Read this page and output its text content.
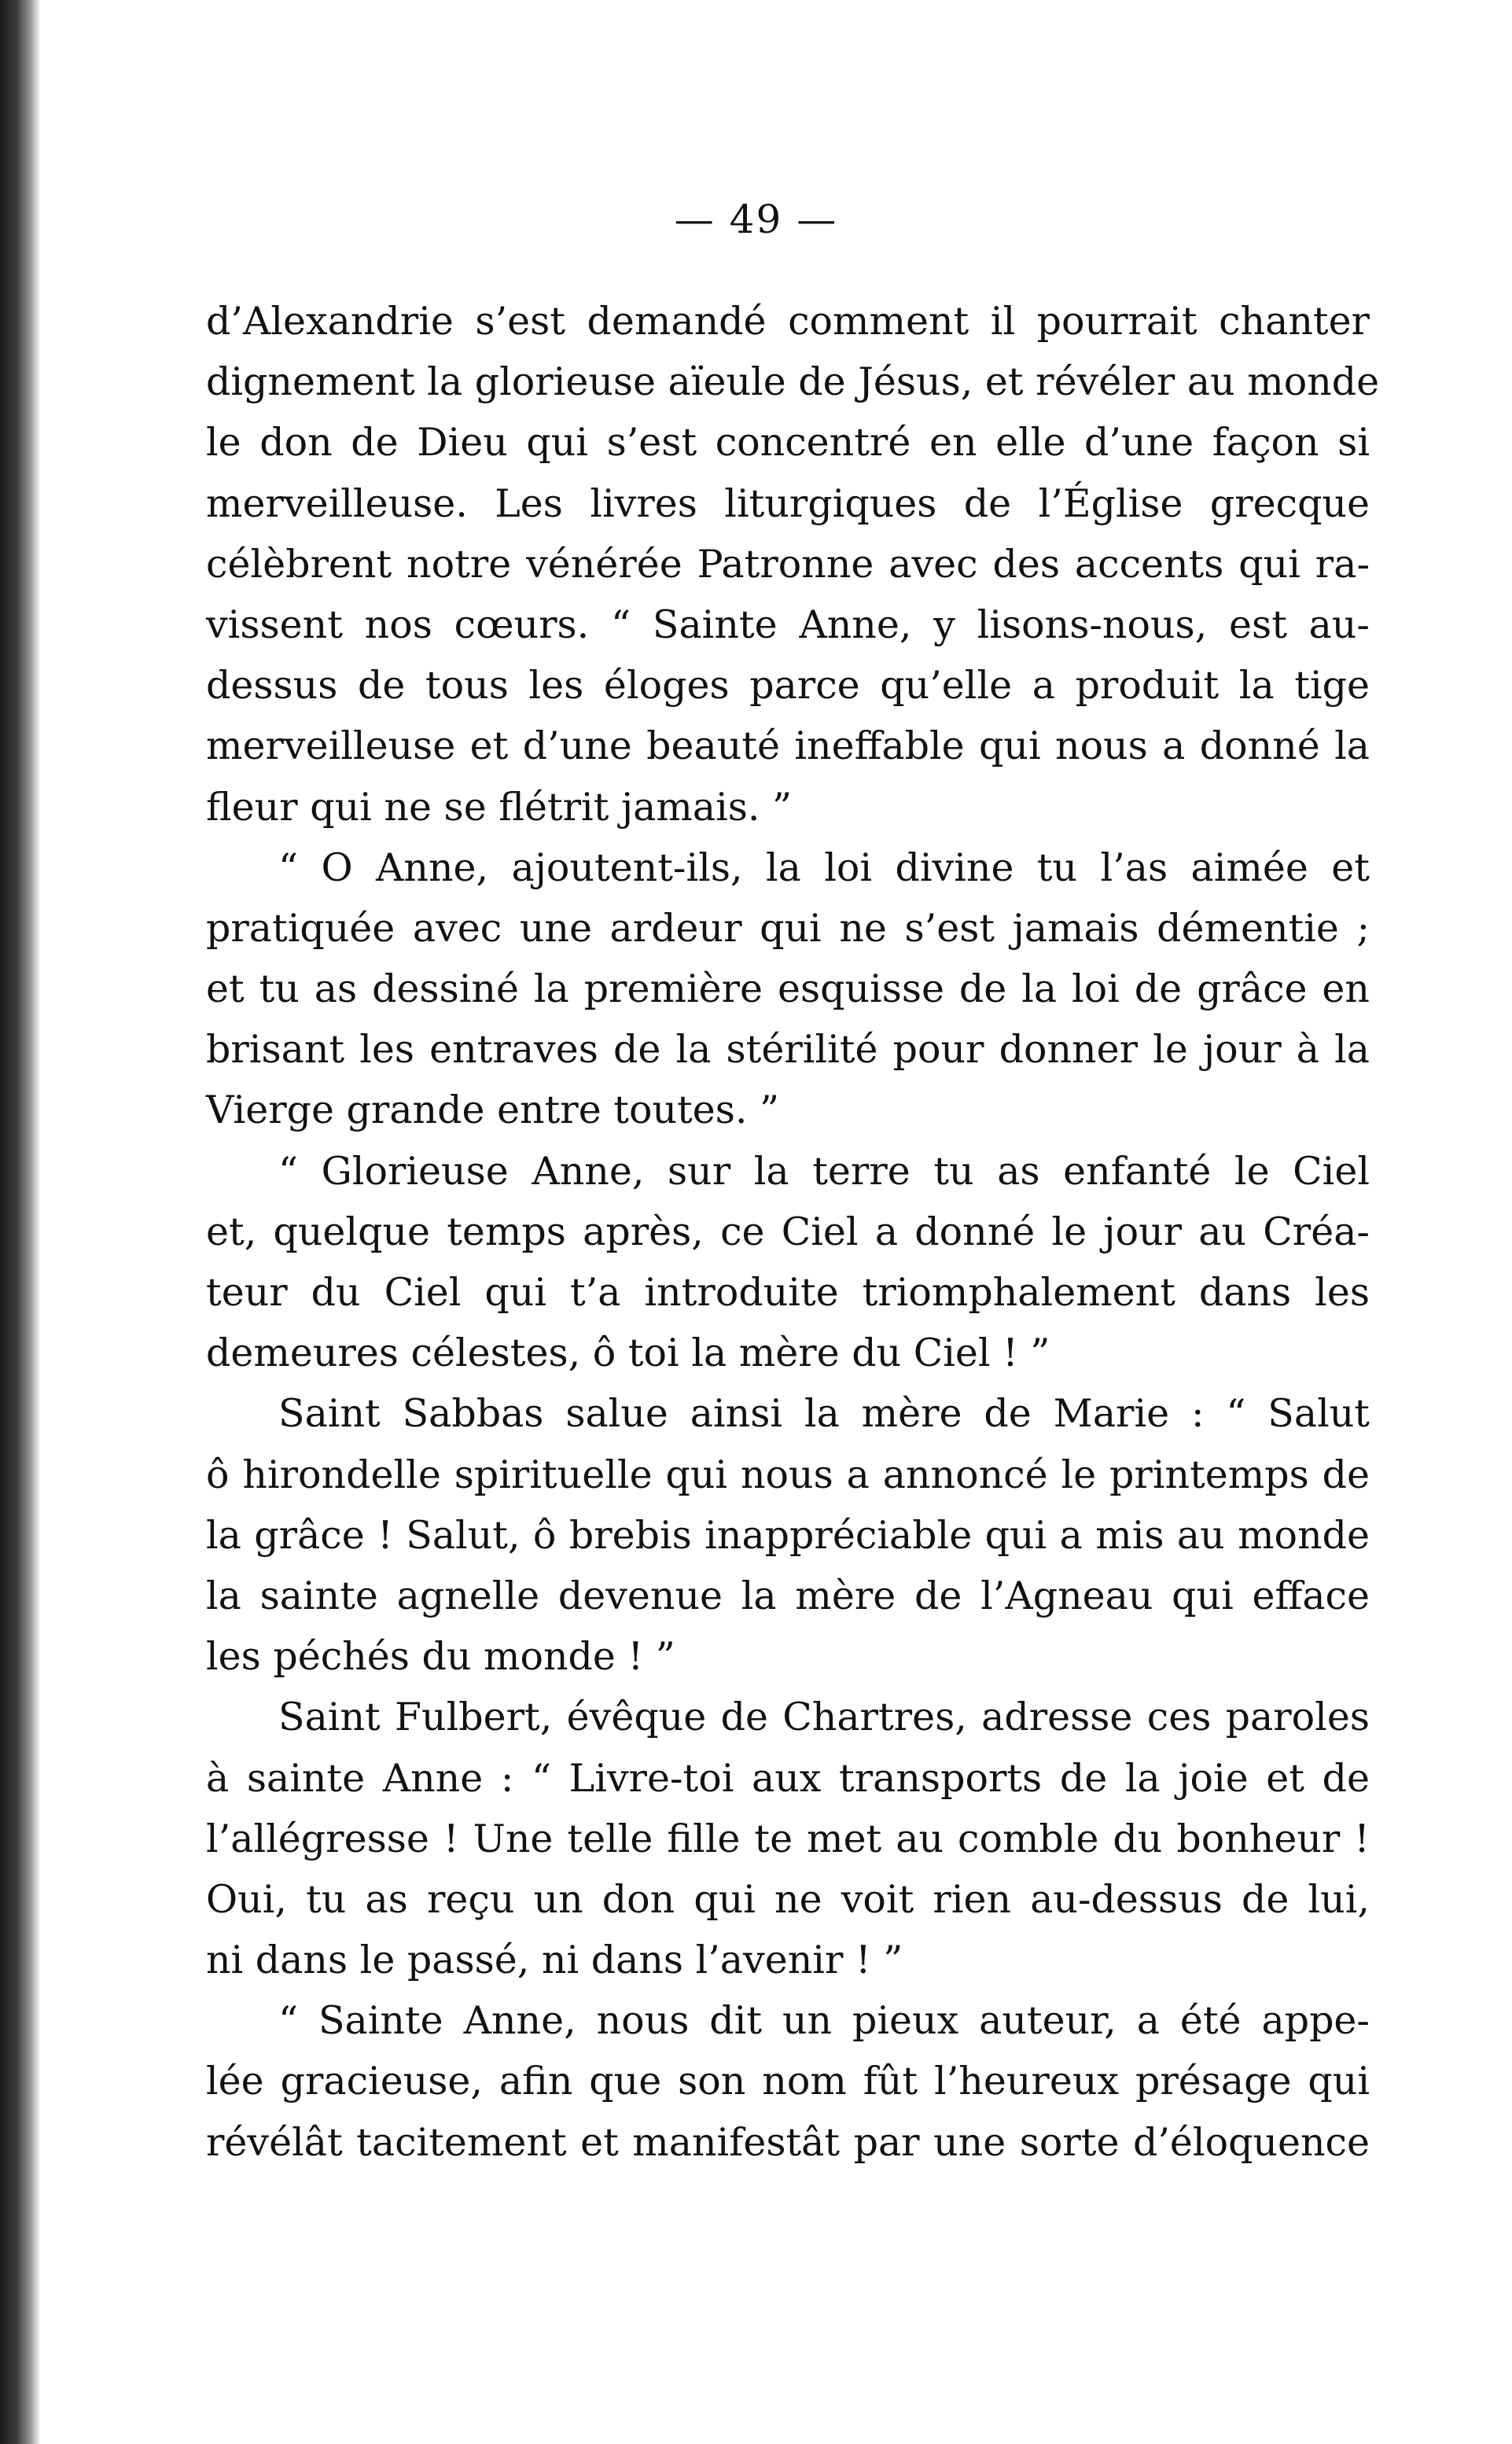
— 49 —
d’Alexandrie s’est demandé comment il pourrait chanter
dignement la glorieuse aïeule de Jésus, et révéler au monde
le don de Dieu qui s’est concentré en elle d’une façon si
merveilleuse. Les livres liturgiques de l’Église grecque
célèbrent notre vénérée Patronne avec des accents qui ra-
vissent nos cœurs. “ Sainte Anne, y lisons-nous, est au-
dessus de tous les éloges parce qu’elle a produit la tige
merveilleuse et d’une beauté ineffable qui nous a donné la
fleur qui ne se flétrit jamais. ”
“ O Anne, ajoutent-ils, la loi divine tu l’as aimée et
pratiquée avec une ardeur qui ne s’est jamais démentie ;
et tu as dessiné la première esquisse de la loi de grâce en
brisant les entraves de la stérilité pour donner le jour à la
Vierge grande entre toutes. ”
“ Glorieuse Anne, sur la terre tu as enfanté le Ciel
et, quelque temps après, ce Ciel a donné le jour au Créa-
teur du Ciel qui t’a introduite triomphalement dans les
demeures célestes, ô toi la mère du Ciel ! ”
Saint Sabbas salue ainsi la mère de Marie : “ Salut
ô hirondelle spirituelle qui nous a annoncé le printemps de
la grâce ! Salut, ô brebis inappréciable qui a mis au monde
la sainte agnelle devenue la mère de l’Agneau qui efface
les péchés du monde ! ”
Saint Fulbert, évêque de Chartres, adresse ces paroles
à sainte Anne : “ Livre-toi aux transports de la joie et de
l’allégresse ! Une telle fille te met au comble du bonheur !
Oui, tu as reçu un don qui ne voit rien au-dessus de lui,
ni dans le passé, ni dans l’avenir ! ”
“ Sainte Anne, nous dit un pieux auteur, a été appe-
lée gracieuse, afin que son nom fût l’heureux présage qui
révélât tacitement et manifestât par une sorte d’éloquence
